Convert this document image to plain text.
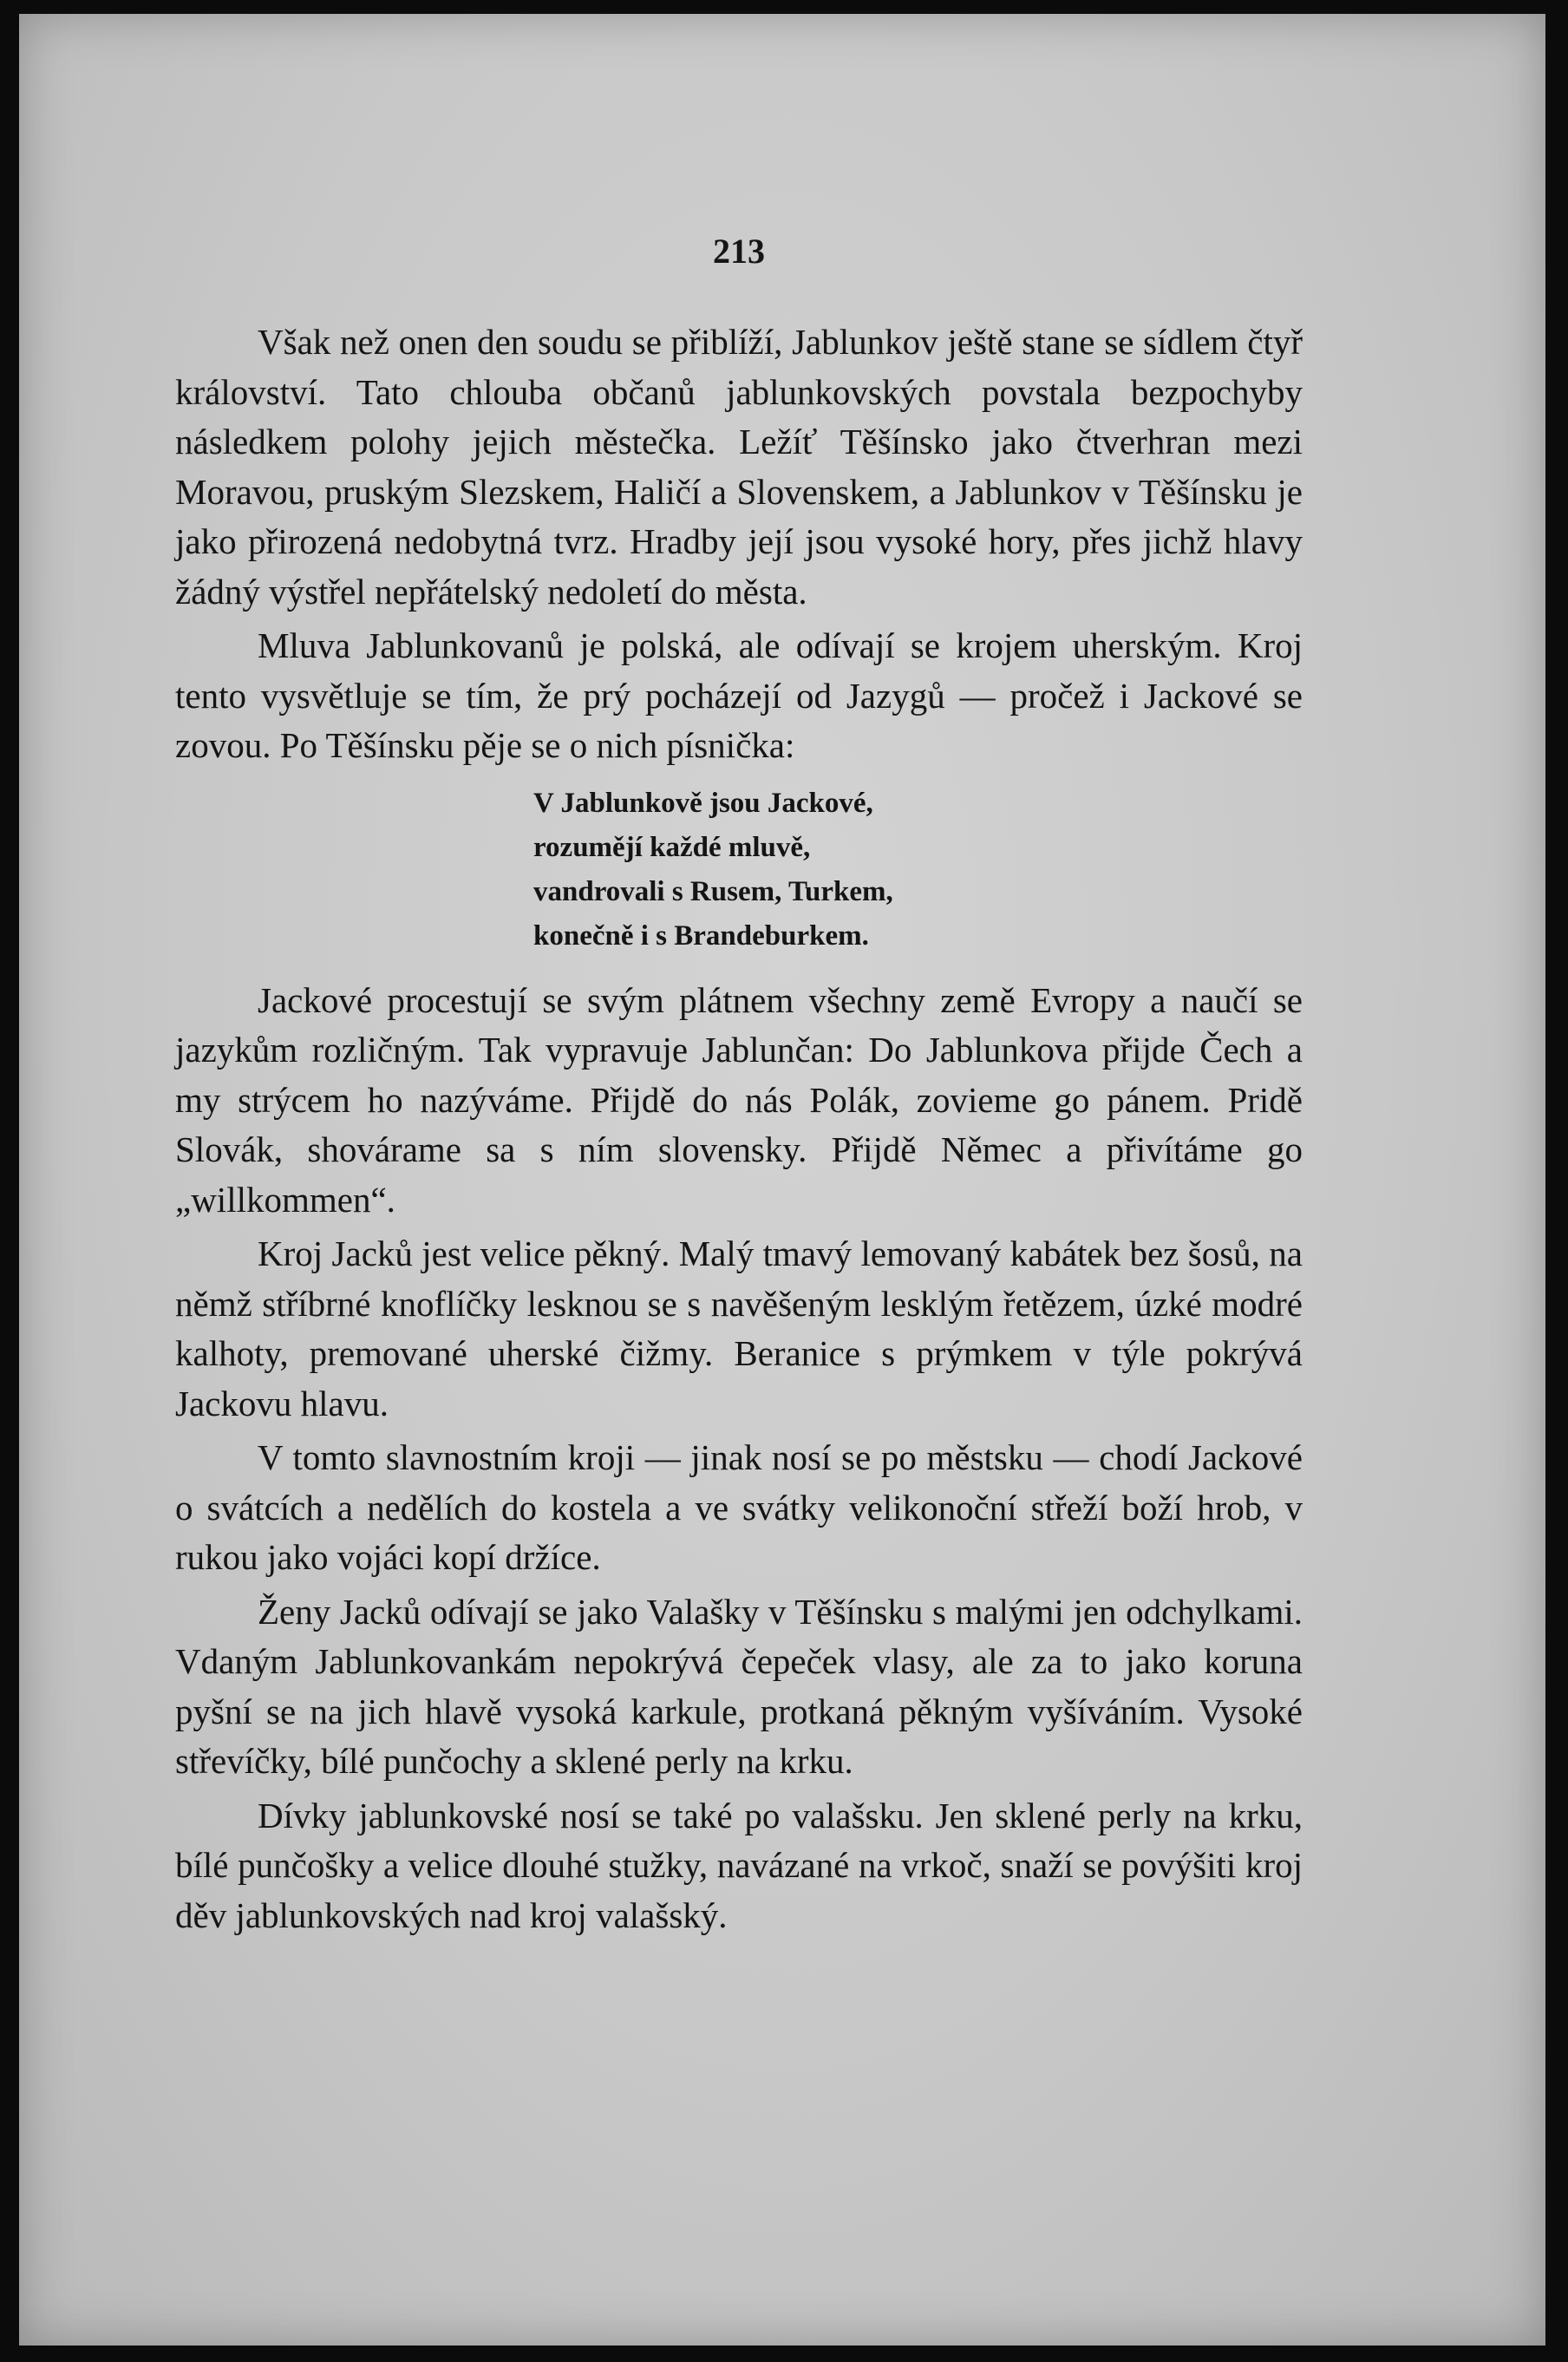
213

Však než onen den soudu se přiblíží, Jablunkov ještě stane se sídlem čtyř království. Tato chlouba občanů jablunkovských povstala bezpochyby následkem polohy jejich městečka. Ležíť Těšínsko jako čtverhran mezi Moravou, pruským Slezskem, Haličí a Slovenskem, a Jablunkov v Těšínsku je jako přirozená nedobytná tvrz. Hradby její jsou vysoké hory, přes jichž hlavy žádný výstřel nepřátelský nedoletí do města.

Mluva Jablunkovanů je polská, ale odívají se krojem uherským. Kroj tento vysvětluje se tím, že prý pocházejí od Jazygů — pročež i Jackové se zovou. Po Těšínsku pěje se o nich písnička:

V Jablunkově jsou Jackové,
rozumějí každé mluvě,
vandrovali s Rusem, Turkem,
konečně i s Brandeburkem.

Jackové procestují se svým plátnem všechny země Evropy a naučí se jazykům rozličným. Tak vypravuje Jablunčan: Do Jablunkova přijde Čech a my strýcem ho nazýváme. Přijdě do nás Polák, zovieme go pánem. Pridě Slovák, shovárame sa s ním slovensky. Přijdě Němec a přivítáme go „willkommen“.

Kroj Jacků jest velice pěkný. Malý tmavý lemovaný kabátek bez šosů, na němž stříbrné knoflíčky lesknou se s navěšeným lesklým řetězem, úzké modré kalhoty, premované uherské čižmy. Beranice s prýmkem v týle pokrývá Jackovu hlavu.

V tomto slavnostním kroji — jinak nosí se po městsku — chodí Jackové o svátcích a nedělích do kostela a ve svátky velikonoční střeží boží hrob, v rukou jako vojáci kopí držíce.

Ženy Jacků odívají se jako Valašky v Těšínsku s malými jen odchylkami. Vdaným Jablunkovankám nepokrývá čepeček vlasy, ale za to jako koruna pyšní se na jich hlavě vysoká karkule, protkaná pěkným vyšíváním. Vysoké střevíčky, bílé punčochy a sklené perly na krku.

Dívky jablunkovské nosí se také po valašsku. Jen sklené perly na krku, bílé punčošky a velice dlouhé stužky, navázané na vrkoč, snaží se povýšiti kroj děv jablunkovských nad kroj valašský.
